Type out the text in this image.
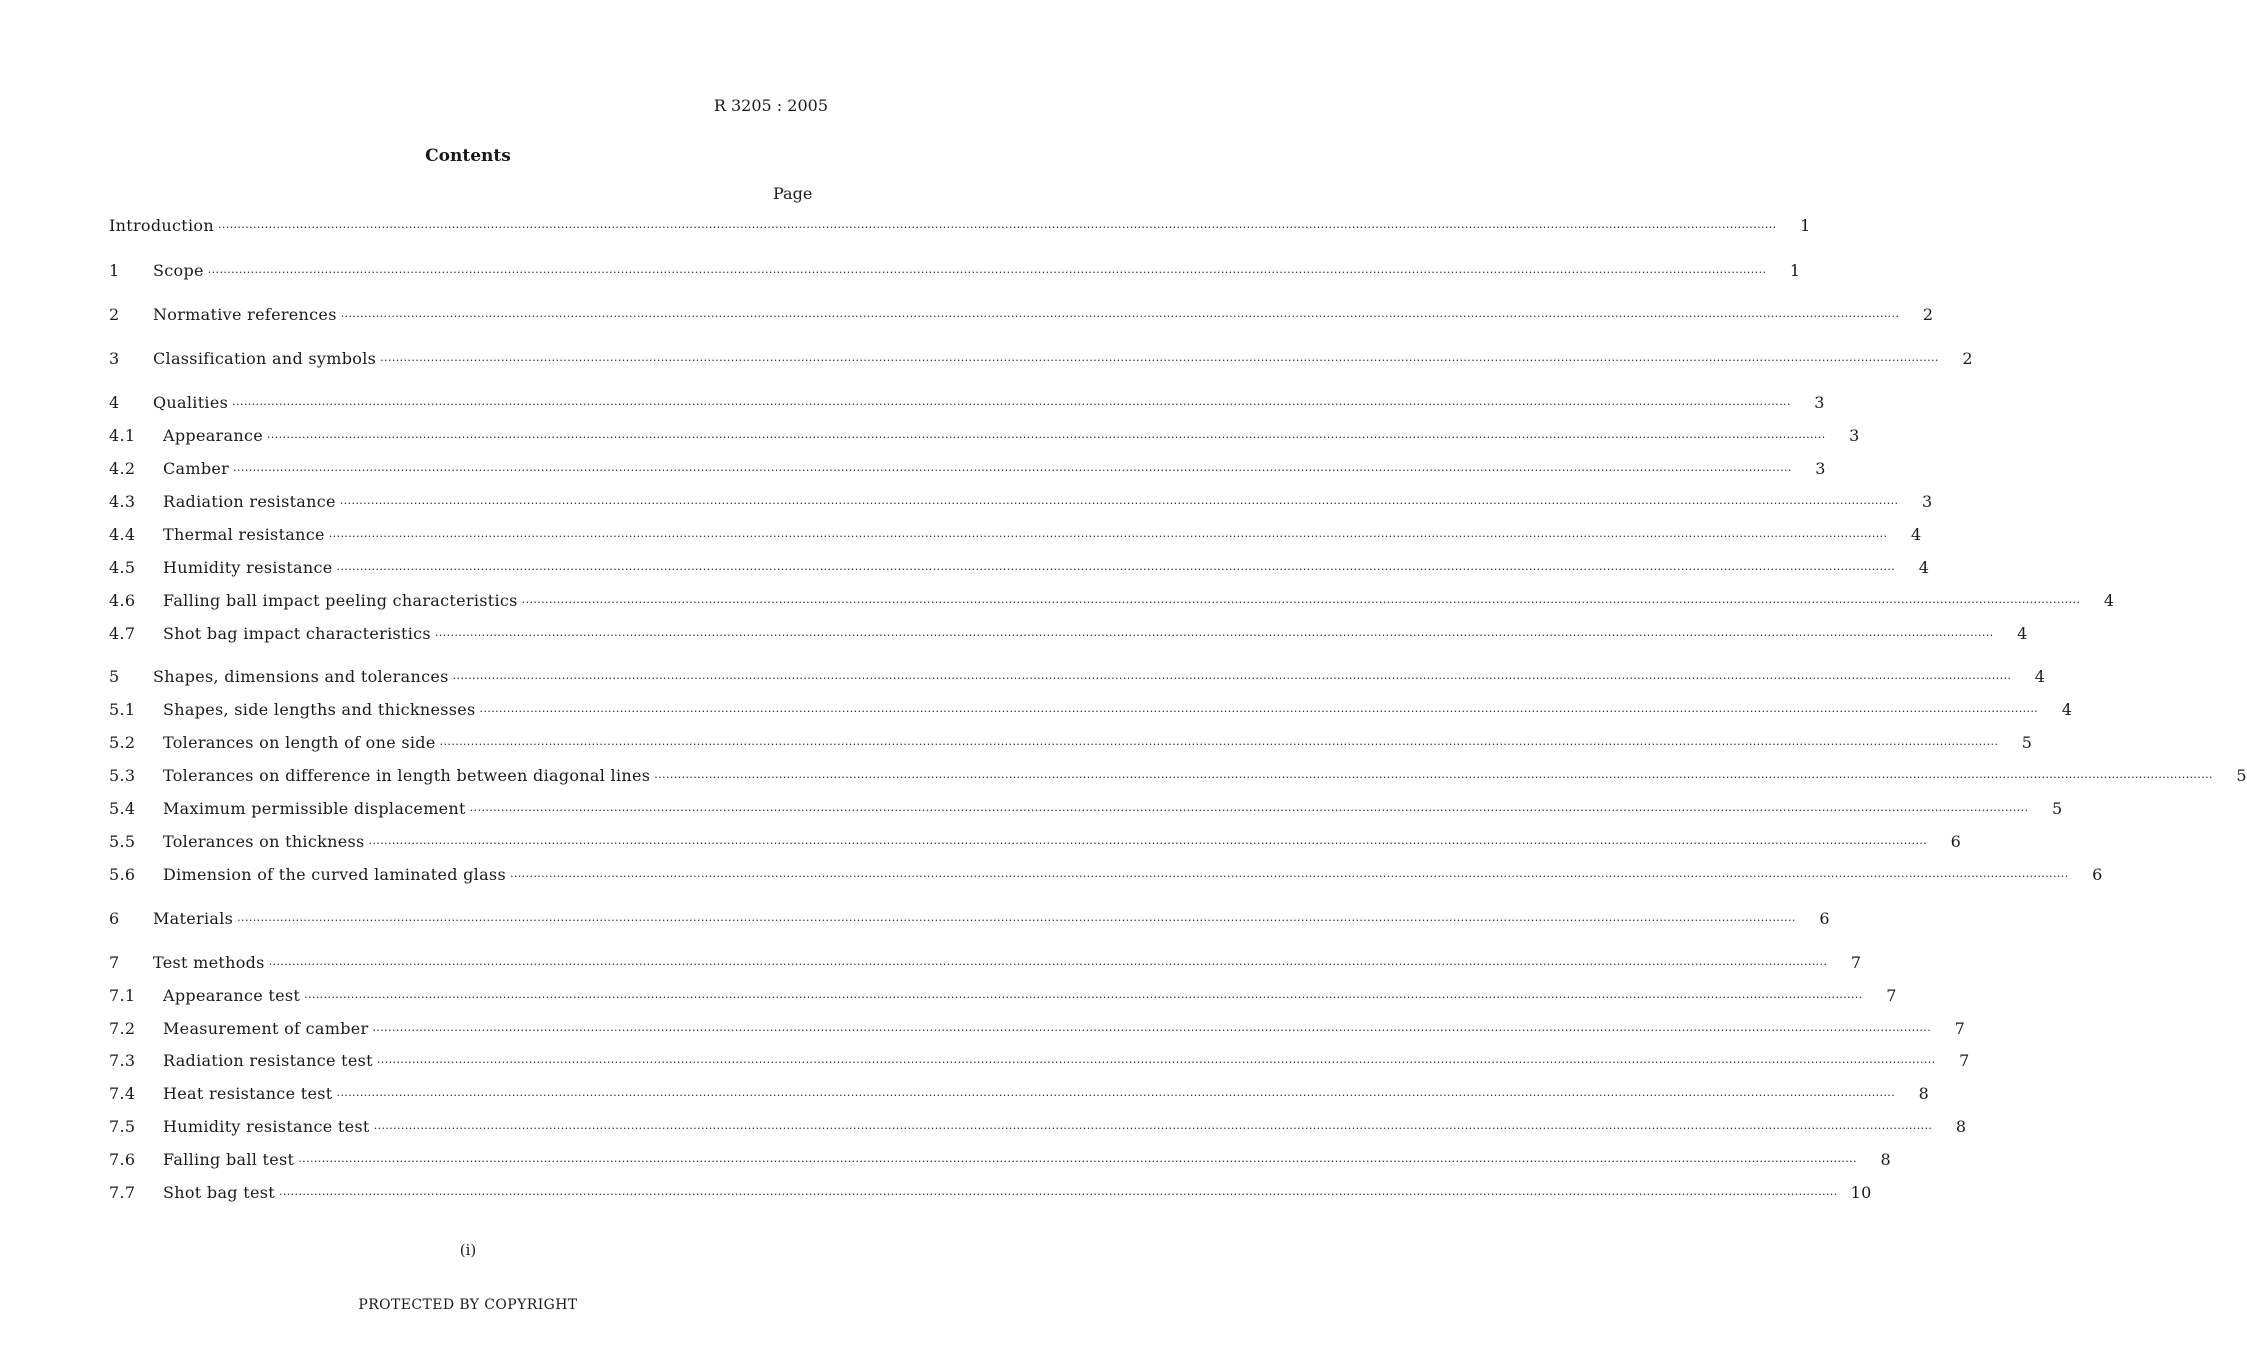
R 3205 : 2005
Contents
Page
Introduction ................................................................................................................................................................................................................................................................................................................................................................................................................	1
1	Scope ................................................................................................................................................................................................................................................................................................................................................................................................................	1
2	Normative references ................................................................................................................................................................................................................................................................................................................................................................................................................	2
3	Classification and symbols ................................................................................................................................................................................................................................................................................................................................................................................................................	2
4	Qualities ................................................................................................................................................................................................................................................................................................................................................................................................................	3
4.1	Appearance ................................................................................................................................................................................................................................................................................................................................................................................................................	3
4.2	Camber ................................................................................................................................................................................................................................................................................................................................................................................................................	3
4.3	Radiation resistance ................................................................................................................................................................................................................................................................................................................................................................................................................	3
4.4	Thermal resistance ................................................................................................................................................................................................................................................................................................................................................................................................................	4
4.5	Humidity resistance ................................................................................................................................................................................................................................................................................................................................................................................................................	4
4.6	Falling ball impact peeling characteristics ................................................................................................................................................................................................................................................................................................................................................................................................................	4
4.7	Shot bag impact characteristics ................................................................................................................................................................................................................................................................................................................................................................................................................	4
5	Shapes, dimensions and tolerances ................................................................................................................................................................................................................................................................................................................................................................................................................	4
5.1	Shapes, side lengths and thicknesses ................................................................................................................................................................................................................................................................................................................................................................................................................	4
5.2	Tolerances on length of one side ................................................................................................................................................................................................................................................................................................................................................................................................................	5
5.3	Tolerances on difference in length between diagonal lines ................................................................................................................................................................................................................................................................................................................................................................................................................	5
5.4	Maximum permissible displacement ................................................................................................................................................................................................................................................................................................................................................................................................................	5
5.5	Tolerances on thickness ................................................................................................................................................................................................................................................................................................................................................................................................................	6
5.6	Dimension of the curved laminated glass ................................................................................................................................................................................................................................................................................................................................................................................................................	6
6	Materials ................................................................................................................................................................................................................................................................................................................................................................................................................	6
7	Test methods ................................................................................................................................................................................................................................................................................................................................................................................................................	7
7.1	Appearance test ................................................................................................................................................................................................................................................................................................................................................................................................................	7
7.2	Measurement of camber ................................................................................................................................................................................................................................................................................................................................................................................................................	7
7.3	Radiation resistance test ................................................................................................................................................................................................................................................................................................................................................................................................................	7
7.4	Heat resistance test ................................................................................................................................................................................................................................................................................................................................................................................................................	8
7.5	Humidity resistance test ................................................................................................................................................................................................................................................................................................................................................................................................................	8
7.6	Falling ball test ................................................................................................................................................................................................................................................................................................................................................................................................................	8
7.7	Shot bag test ................................................................................................................................................................................................................................................................................................................................................................................................................ 10
(i)
PROTECTED BY COPYRIGHT
